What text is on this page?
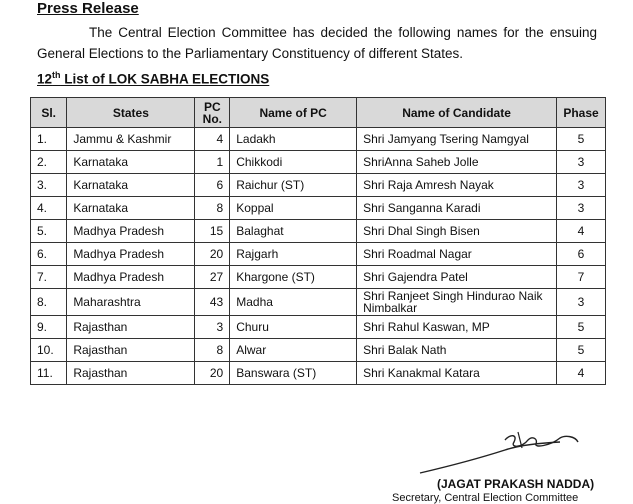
Press Release
The Central Election Committee has decided the following names for the ensuing General Elections to the Parliamentary Constituency of different States.
12th List of LOK SABHA ELECTIONS
Sl.	States	PC No.	Name of PC	Name of Candidate	Phase
1.	Jammu & Kashmir	4	Ladakh	Shri Jamyang Tsering Namgyal	5
2.	Karnataka	1	Chikkodi	ShriAnna Saheb Jolle	3
3.	Karnataka	6	Raichur (ST)	Shri Raja Amresh Nayak	3
4.	Karnataka	8	Koppal	Shri Sanganna Karadi	3
5.	Madhya Pradesh	15	Balaghat	Shri Dhal Singh Bisen	4
6.	Madhya Pradesh	20	Rajgarh	Shri Roadmal Nagar	6
7.	Madhya Pradesh	27	Khargone (ST)	Shri Gajendra Patel	7
8.	Maharashtra	43	Madha	Shri Ranjeet Singh Hindurao Naik Nimbalkar	3
9.	Rajasthan	3	Churu	Shri Rahul Kaswan, MP	5
10.	Rajasthan	8	Alwar	Shri Balak Nath	5
11.	Rajasthan	20	Banswara (ST)	Shri Kanakmal Katara	4
(JAGAT PRAKASH NADDA)
Secretary, Central Election Committee
